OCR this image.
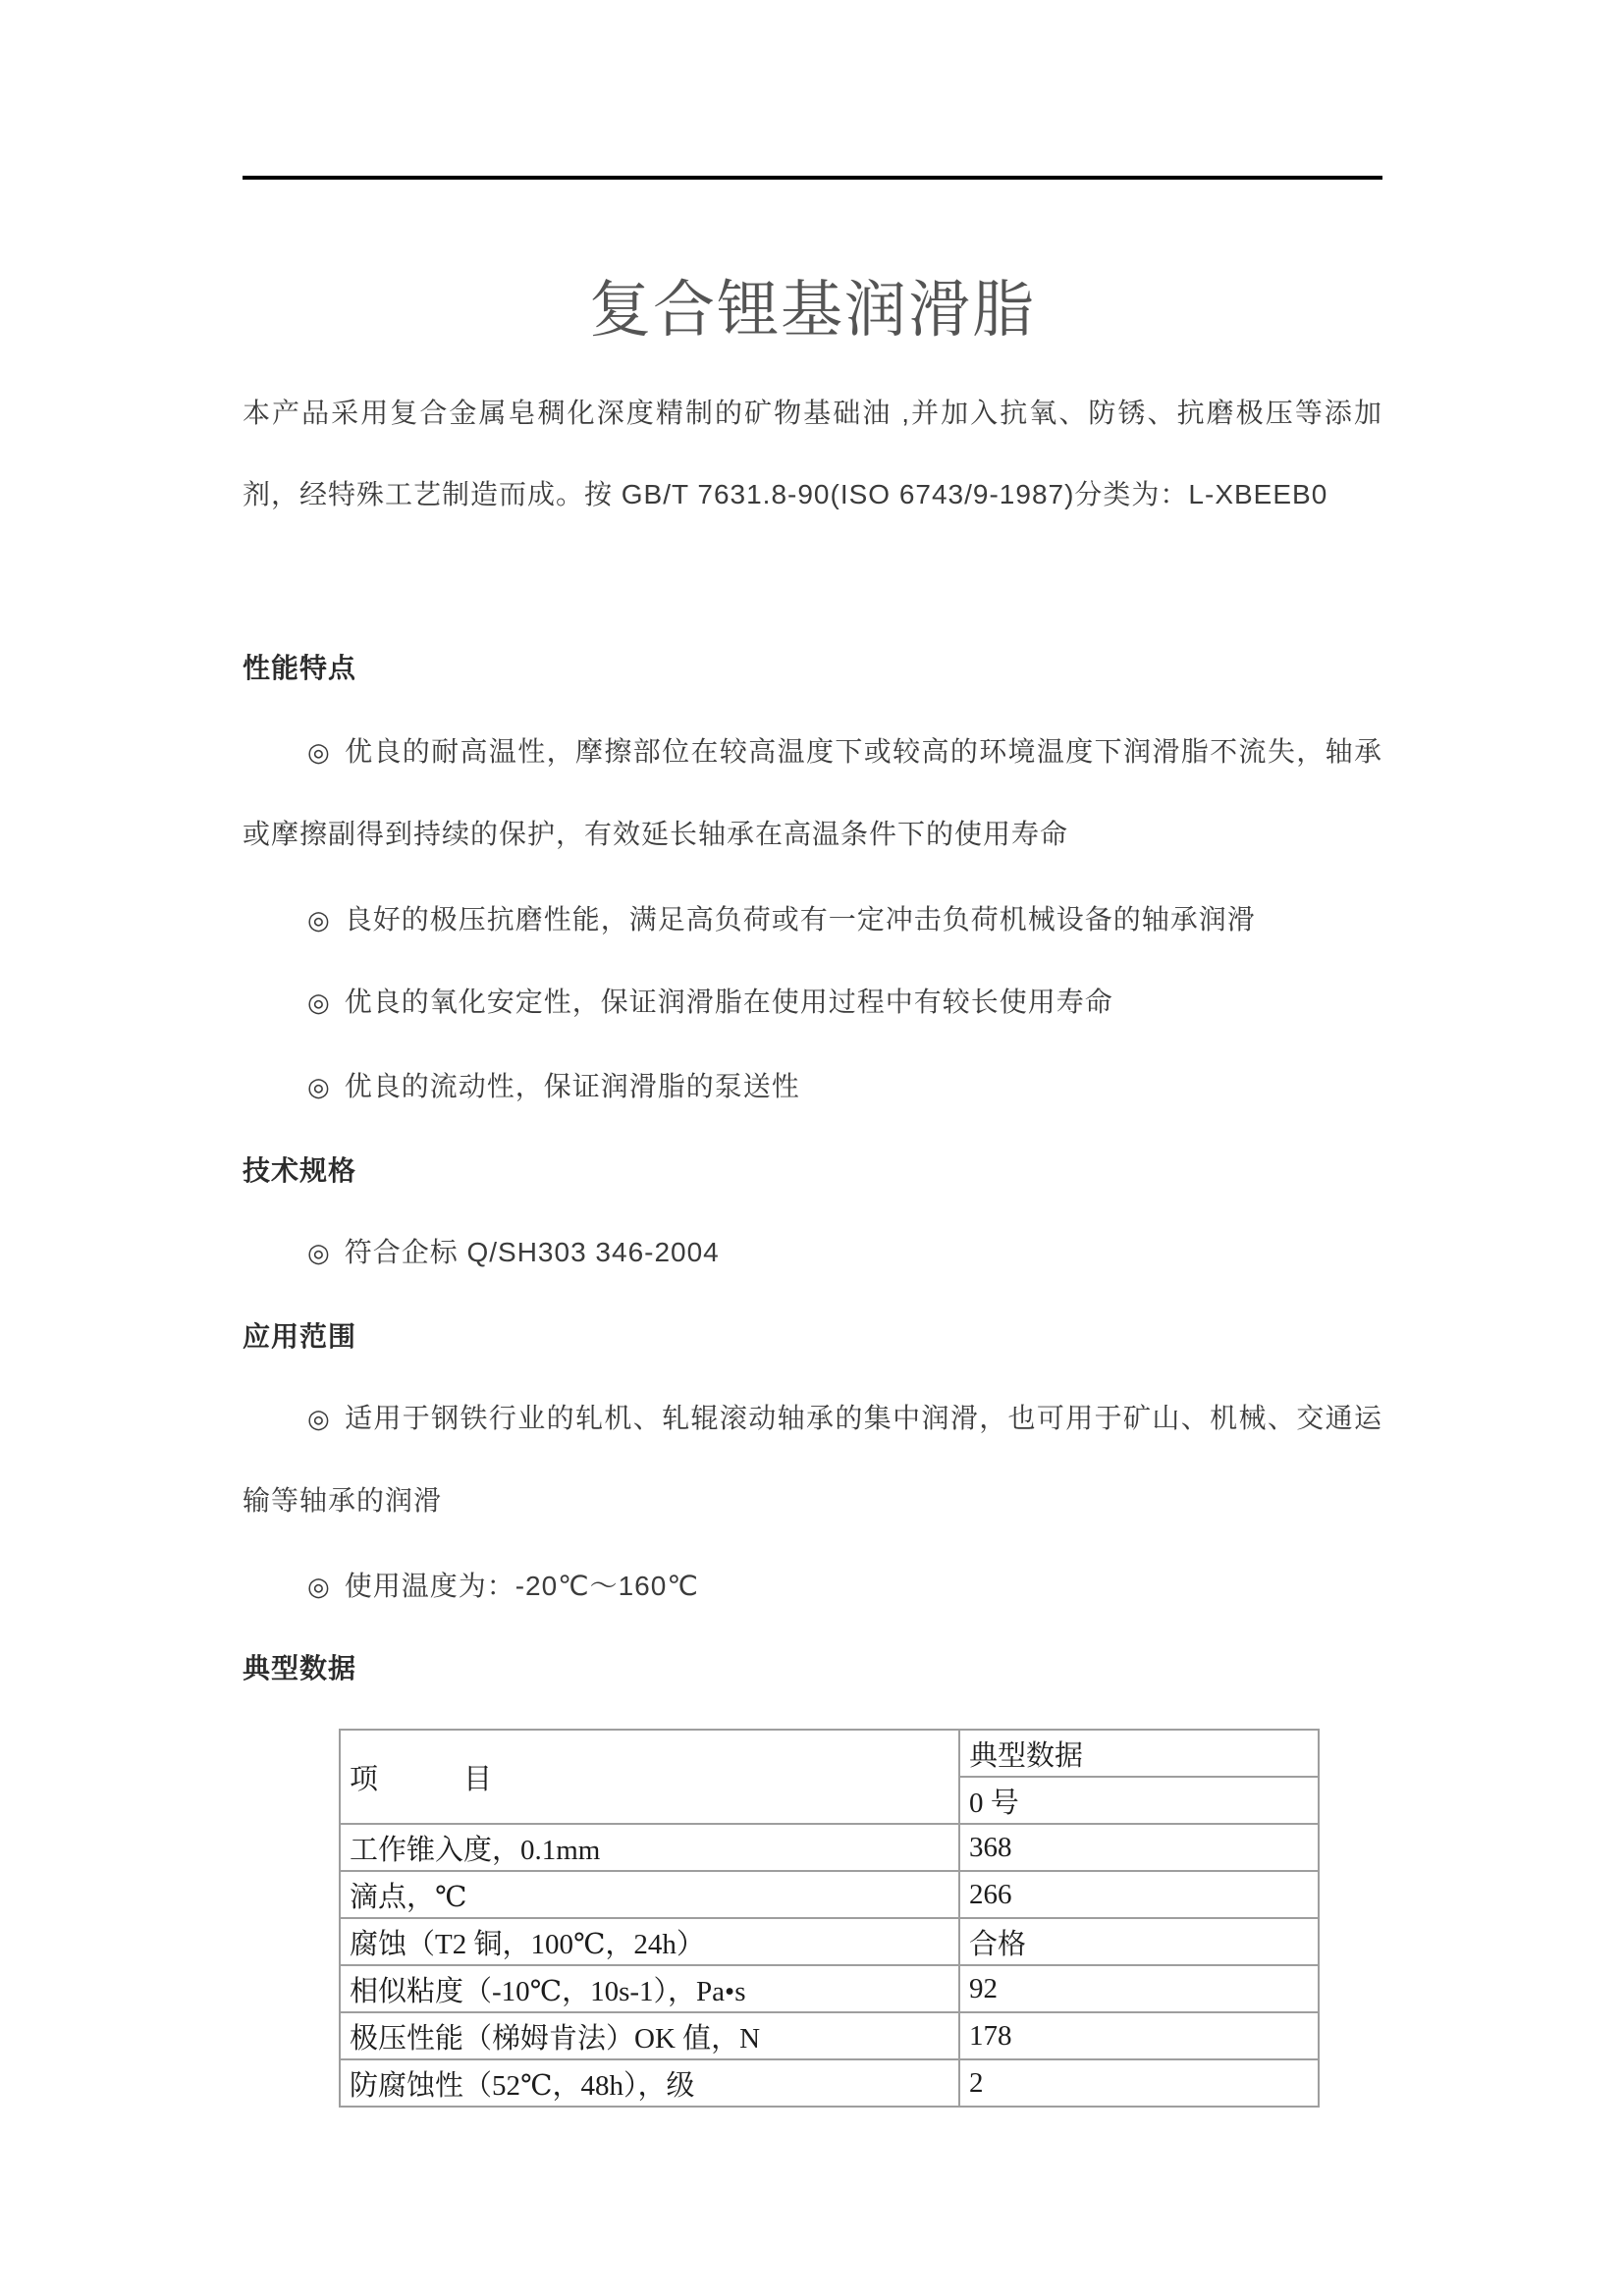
复合锂基润滑脂

本产品采用复合金属皂稠化深度精制的矿物基础油 ,并加入抗氧、防锈、抗磨极压等添加剂，经特殊工艺制造而成。按 GB/T 7631.8-90(ISO 6743/9-1987)分类为：L-XBEEB0

性能特点

◎ 优良的耐高温性，摩擦部位在较高温度下或较高的环境温度下润滑脂不流失，轴承或摩擦副得到持续的保护，有效延长轴承在高温条件下的使用寿命

◎ 良好的极压抗磨性能，满足高负荷或有一定冲击负荷机械设备的轴承润滑

◎ 优良的氧化安定性，保证润滑脂在使用过程中有较长使用寿命

◎ 优良的流动性，保证润滑脂的泵送性

技术规格

◎ 符合企标 Q/SH303 346-2004

应用范围

◎ 适用于钢铁行业的轧机、轧辊滚动轴承的集中润滑，也可用于矿山、机械、交通运输等轴承的润滑

◎ 使用温度为：-20℃～160℃

典型数据
项　　　目	典型数据
	0 号
工作锥入度，0.1mm	368
滴点，℃	266
腐蚀（T2 铜，100℃，24h）	合格
相似粘度（-10℃，10s-1），Pa•s	92
极压性能（梯姆肯法）OK 值，N	178
防腐蚀性（52℃，48h），级	2
